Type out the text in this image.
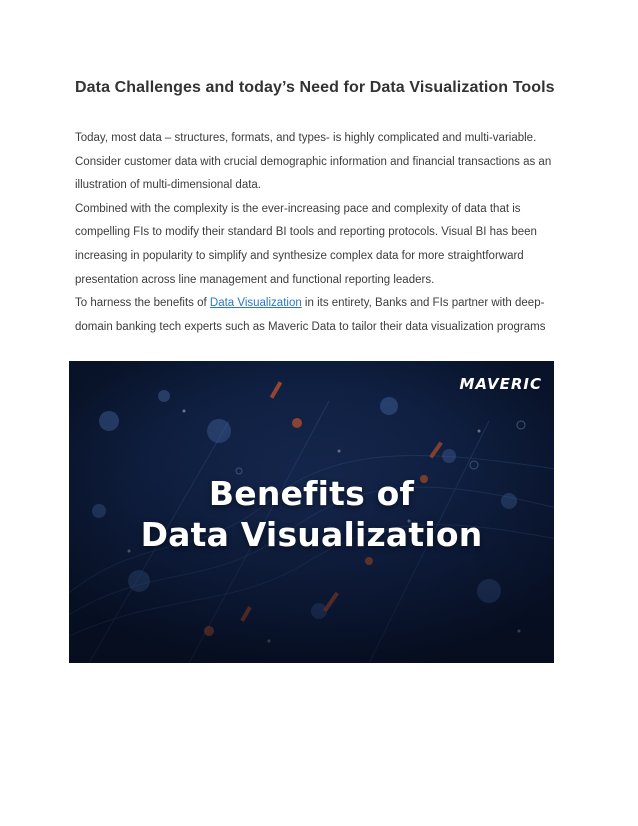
Data Challenges and today’s Need for Data Visualization Tools

Today, most data – structures, formats, and types- is highly complicated and multi-variable.
Consider customer data with crucial demographic information and financial transactions as an
illustration of multi-dimensional data.

Combined with the complexity is the ever-increasing pace and complexity of data that is
compelling FIs to modify their standard BI tools and reporting protocols. Visual BI has been
increasing in popularity to simplify and synthesize complex data for more straightforward
presentation across line management and functional reporting leaders.

To harness the benefits of Data Visualization in its entirety, Banks and FIs partner with deep-
domain banking tech experts such as Maveric Data to tailor their data visualization programs

MAVERIC
Benefits of
Data Visualization
